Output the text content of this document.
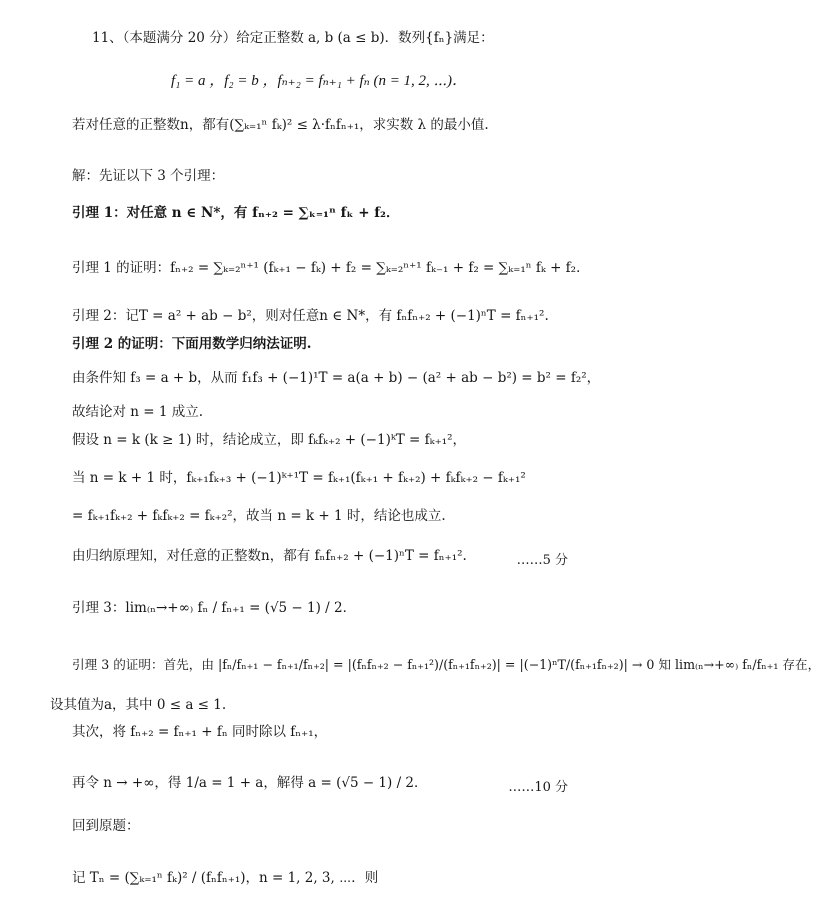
11、（本题满分 20 分）给定正整数 a, b (a ≤ b)．数列{fₙ}满足：
f₁ = a ，f₂ = b ，fₙ₊₂ = fₙ₊₁ + fₙ (n = 1, 2, ⋯)．
若对任意的正整数n，都有(∑ₖ₌₁ⁿ fₖ)² ≤ λ·fₙfₙ₊₁，求实数 λ 的最小值.
解：先证以下 3 个引理：
引理 1：对任意 n ∈ N*，有 fₙ₊₂ = ∑ₖ₌₁ⁿ fₖ + f₂．
引理 1 的证明：fₙ₊₂ = ∑ₖ₌₂ⁿ⁺¹ (fₖ₊₁ − fₖ) + f₂ = ∑ₖ₌₂ⁿ⁺¹ fₖ₋₁ + f₂ = ∑ₖ₌₁ⁿ fₖ + f₂．
引理 2：记T = a² + ab − b²，则对任意n ∈ N*，有 fₙfₙ₊₂ + (−1)ⁿT = fₙ₊₁².
引理 2 的证明：下面用数学归纳法证明.
由条件知 f₃ = a + b，从而 f₁f₃ + (−1)¹T = a(a + b) − (a² + ab − b²) = b² = f₂²，
故结论对 n = 1 成立.
假设 n = k (k ≥ 1) 时，结论成立，即 fₖfₖ₊₂ + (−1)ᵏT = fₖ₊₁²，
当 n = k + 1 时，fₖ₊₁fₖ₊₃ + (−1)ᵏ⁺¹T = fₖ₊₁(fₖ₊₁ + fₖ₊₂) + fₖfₖ₊₂ − fₖ₊₁²
= fₖ₊₁fₖ₊₂ + fₖfₖ₊₂ = fₖ₊₂²，故当 n = k + 1 时，结论也成立.
由归纳原理知，对任意的正整数n，都有 fₙfₙ₊₂ + (−1)ⁿT = fₙ₊₁².	……5 分
引理 3：lim₍ₙ→+∞₎ fₙ / fₙ₊₁ = (√5 − 1) / 2．
引理 3 的证明：首先，由 |fₙ/fₙ₊₁ − fₙ₊₁/fₙ₊₂| = |(fₙfₙ₊₂ − fₙ₊₁²)/(fₙ₊₁fₙ₊₂)| = |(−1)ⁿT/(fₙ₊₁fₙ₊₂)| → 0 知 lim₍ₙ→+∞₎ fₙ/fₙ₊₁ 存在，
设其值为a，其中 0 ≤ a ≤ 1.
其次，将 fₙ₊₂ = fₙ₊₁ + fₙ 同时除以 fₙ₊₁，
再令 n → +∞，得 1/a = 1 + a，解得 a = (√5 − 1) / 2．	……10 分
回到原题：
记 Tₙ = (∑ₖ₌₁ⁿ fₖ)² / (fₙfₙ₊₁)，n = 1, 2, 3, ⋯．则
